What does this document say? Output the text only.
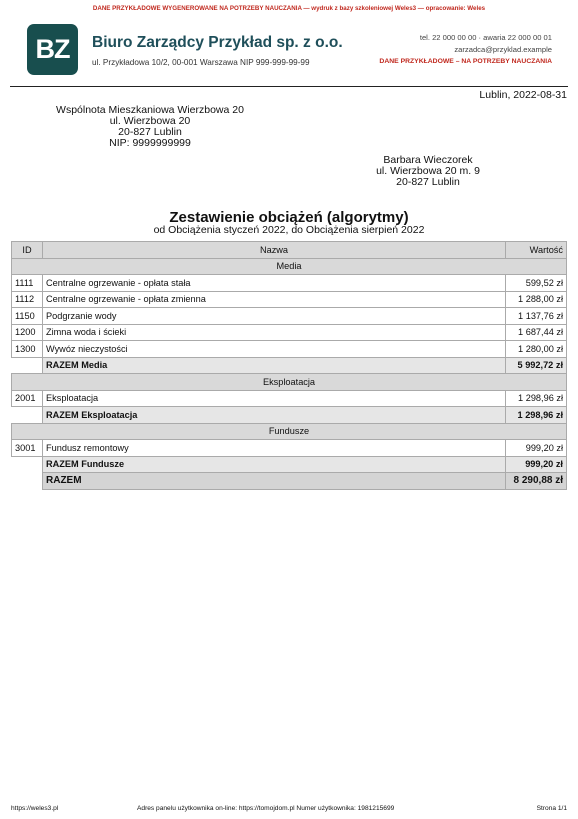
DANE PRZYKŁADOWE WYGENEROWANE NA POTRZEBY NAUCZANIA — wydruk z bazy szkoleniowej Weles3 — opracowanie: Weles
BZ	Biuro Zarządcy Przykład sp. z o.o.
ul. Przykładowa 10/2, 00-001 Warszawa NIP 999-999-99-99
tel. 22 000 00 00 · awaria 22 000 00 01
zarzadca@przyklad.example
DANE PRZYKŁADOWE – NA POTRZEBY NAUCZANIA
Lublin, 2022-08-31
Wspólnota Mieszkaniowa Wierzbowa 20
ul. Wierzbowa 20
20-827 Lublin
NIP: 9999999999
Barbara Wieczorek
ul. Wierzbowa 20 m. 9
20-827 Lublin
Zestawienie obciążeń (algorytmy)
od Obciążenia styczeń 2022, do Obciążenia sierpień 2022
ID	Nazwa	Wartość
Media		
1111	Centralne ogrzewanie - opłata stała	599,52 zł
1112	Centralne ogrzewanie - opłata zmienna	1 288,00 zł
1150	Podgrzanie wody	1 137,76 zł
1200	Zimna woda i ścieki	1 687,44 zł
1300	Wywóz nieczystości	1 280,00 zł
	RAZEM Media	5 992,72 zł
Eksploatacja		
2001	Eksploatacja	1 298,96 zł
	RAZEM Eksploatacja	1 298,96 zł
Fundusze		
3001	Fundusz remontowy	999,20 zł
	RAZEM Fundusze	999,20 zł
	RAZEM	8 290,88 zł
https://weles3.pl	Adres panelu użytkownika on-line: https://tomojdom.pl Numer użytkownika: 1981215699	Strona 1/1
